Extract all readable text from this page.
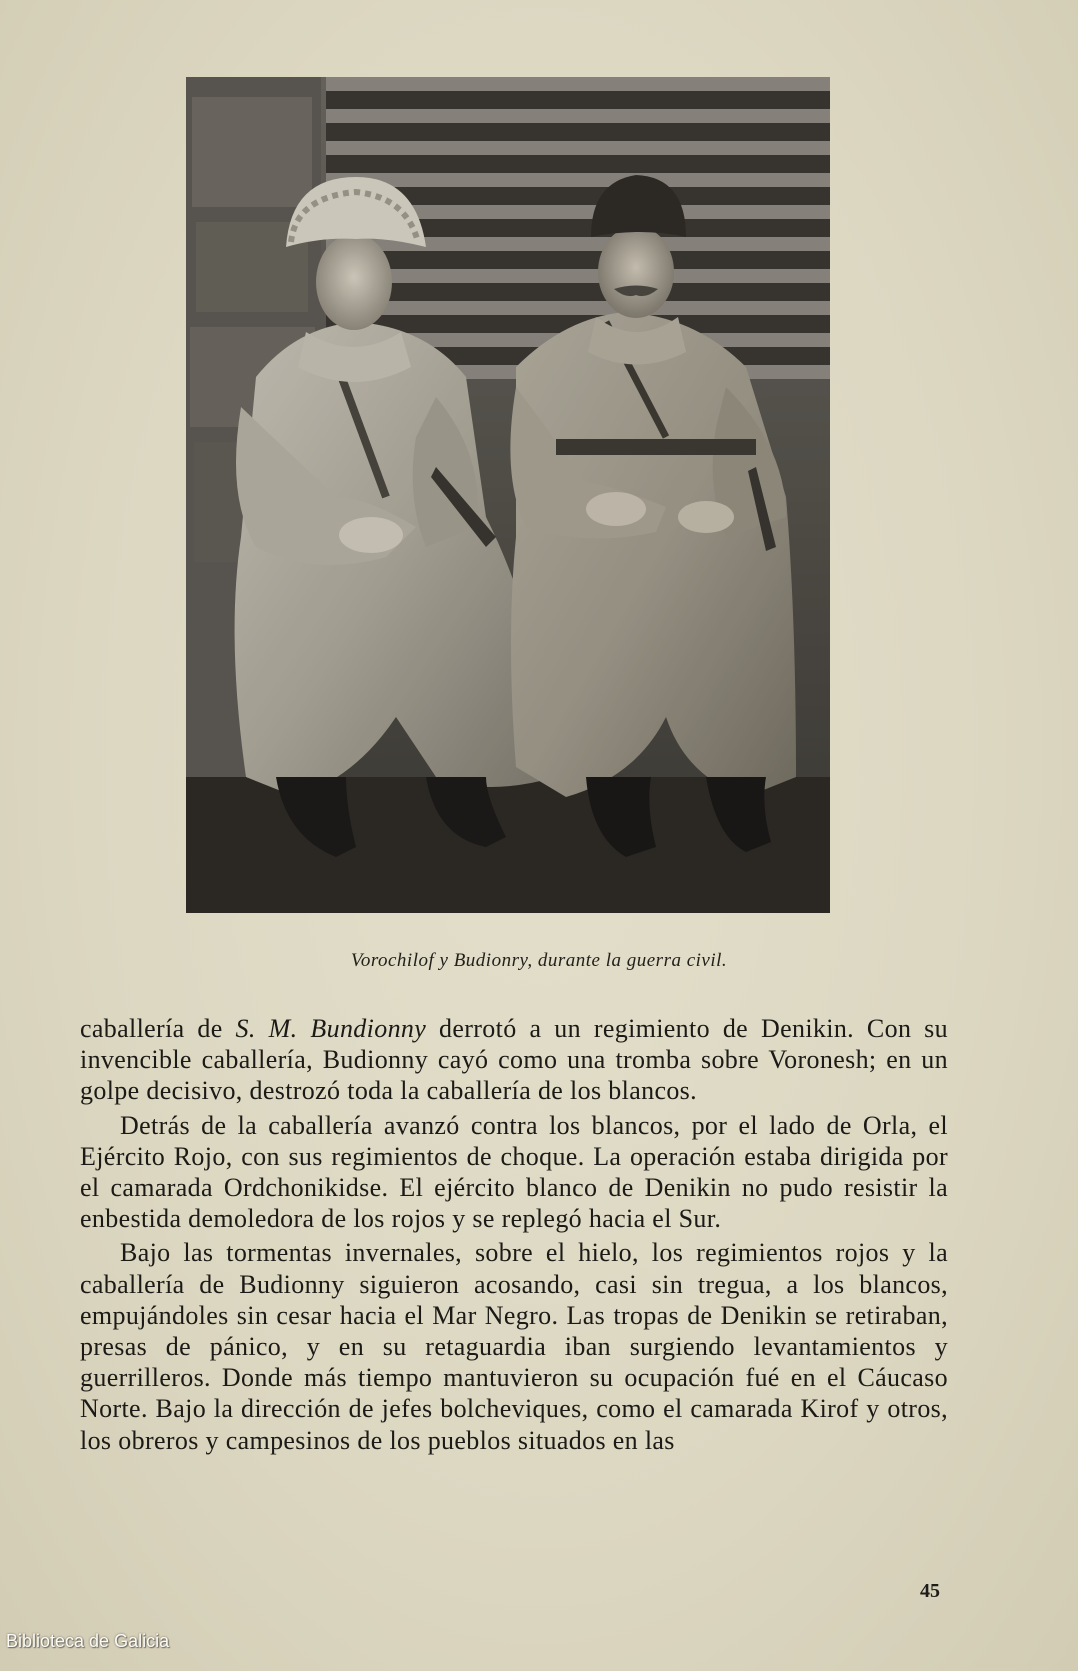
Vorochilof y Budionry, durante la guerra civil.

caballería de S. M. Bundionny derrotó a un regimiento de Denikin. Con su invencible caballería, Budionny cayó como una tromba sobre Voronesh; en un golpe decisivo, destrozó toda la caballería de los blancos.

Detrás de la caballería avanzó contra los blancos, por el lado de Orla, el Ejército Rojo, con sus regimientos de choque. La operación estaba dirigida por el camarada Ordchonikidse. El ejército blanco de Denikin no pudo resistir la enbestida demoledora de los rojos y se replegó hacia el Sur.

Bajo las tormentas invernales, sobre el hielo, los regimientos rojos y la caballería de Budionny siguieron acosando, casi sin tregua, a los blancos, empujándoles sin cesar hacia el Mar Negro. Las tropas de Denikin se retiraban, presas de pánico, y en su retaguardia iban surgiendo levantamientos y guerrilleros. Donde más tiempo mantuvieron su ocupación fué en el Cáucaso Norte. Bajo la dirección de jefes bolcheviques, como el camarada Kirof y otros, los obreros y campesinos de los pueblos situados en las

45
Biblioteca de Galicia
